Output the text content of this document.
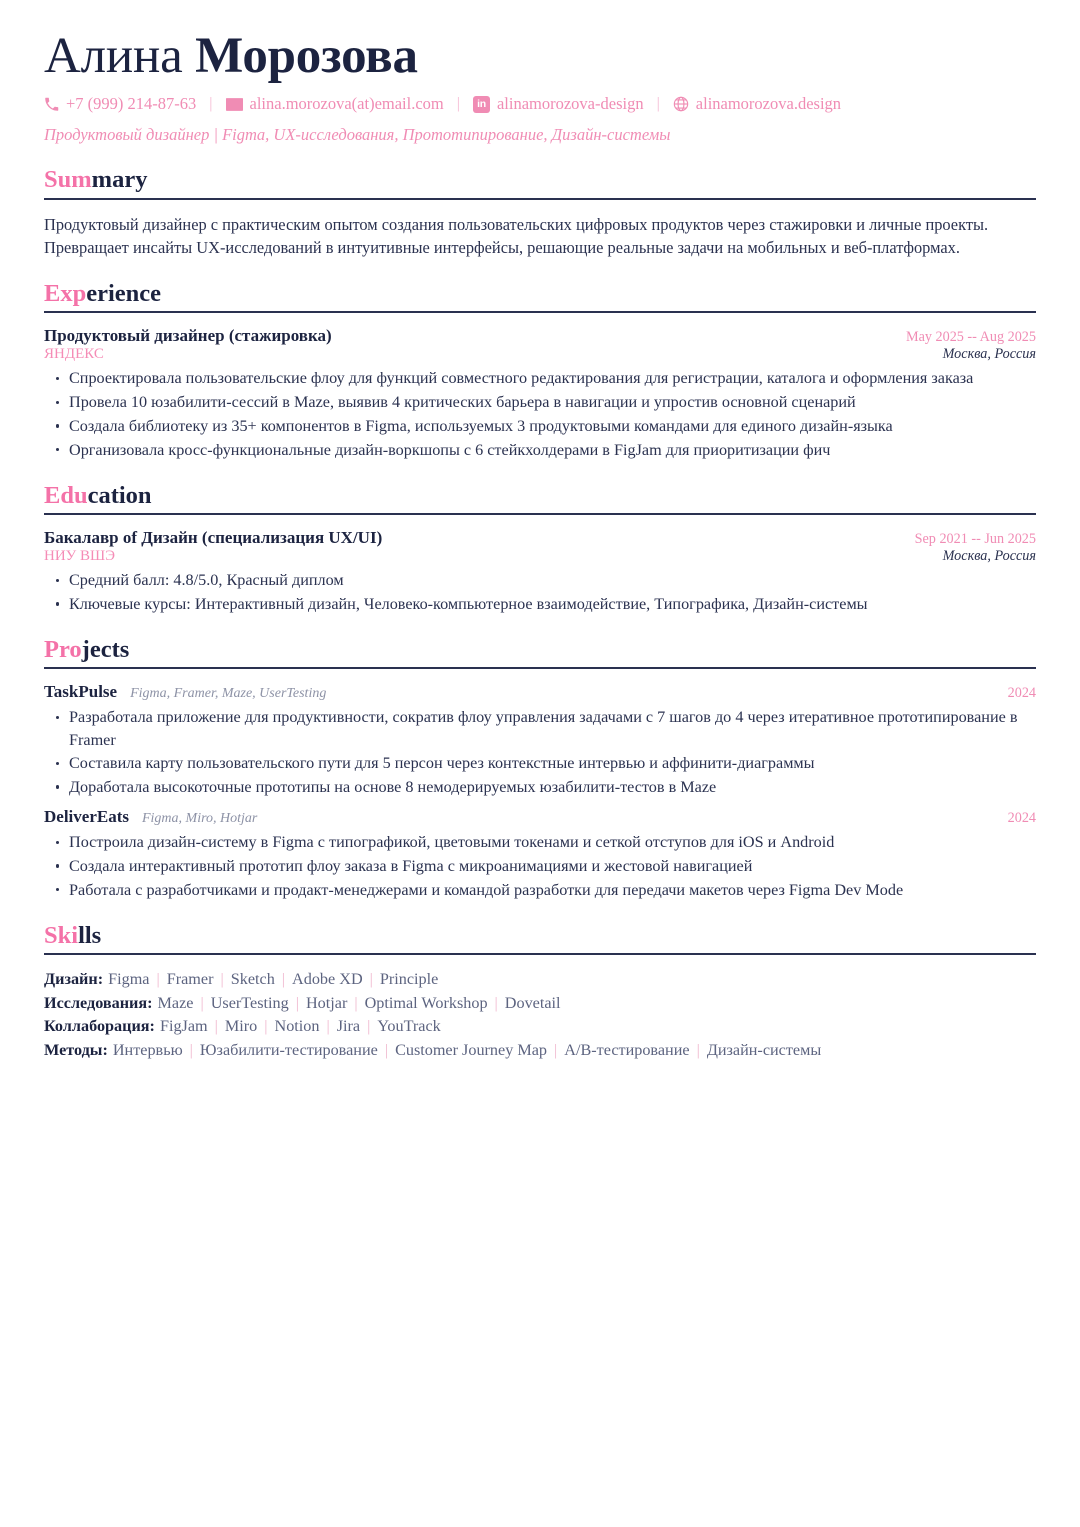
Алина Морозова
+7 (999) 214-87-63 |	alina.morozova(at)email.com |	in alinamorozova-design |	alinamorozova.design
Продуктовый дизайнер | Figma, UX-исследования, Прототипирование, Дизайн-системы
Summary

Продуктовый дизайнер с практическим опытом создания пользовательских цифровых продуктов через стажировки и личные проекты. Превращает инсайты UX-исследований в интуитивные интерфейсы, решающие реальные задачи на мобильных и веб-платформах.

Experience
Продуктовый дизайнер (стажировка)	May 2025 -- Aug 2025
ЯНДЕКС	Москва, Россия
Спроектировала пользовательские флоу для функций совместного редактирования для регистрации, каталога и оформления заказа
Провела 10 юзабилити-сессий в Maze, выявив 4 критических барьера в навигации и упростив основной сценарий
Создала библиотеку из 35+ компонентов в Figma, используемых 3 продуктовыми командами для единого дизайн-языка
Организовала кросс-функциональные дизайн-воркшопы с 6 стейкхолдерами в FigJam для приоритизации фич
Education
Бакалавр of Дизайн (специализация UX/UI)	Sep 2021 -- Jun 2025
НИУ ВШЭ	Москва, Россия
Средний балл: 4.8/5.0, Красный диплом
Ключевые курсы: Интерактивный дизайн, Человеко-компьютерное взаимодействие, Типографика, Дизайн-системы
Projects
TaskPulse Figma, Framer, Maze, UserTesting	2024
Разработала приложение для продуктивности, сократив флоу управления задачами с 7 шагов до 4 через итеративное прототипирование в Framer
Составила карту пользовательского пути для 5 персон через контекстные интервью и аффинити-диаграммы
Доработала высокоточные прототипы на основе 8 немодерируемых юзабилити-тестов в Maze
DeliverEats Figma, Miro, Hotjar	2024
Построила дизайн-систему в Figma с типографикой, цветовыми токенами и сеткой отступов для iOS и Android
Создала интерактивный прототип флоу заказа в Figma с микроанимациями и жестовой навигацией
Работала с разработчиками и продакт-менеджерами и командой разработки для передачи макетов через Figma Dev Mode
Skills
Дизайн: Figma | Framer | Sketch | Adobe XD | Principle
Исследования: Maze | UserTesting | Hotjar | Optimal Workshop | Dovetail
Коллаборация: FigJam | Miro | Notion | Jira | YouTrack
Методы: Интервью | Юзабилити-тестирование | Customer Journey Map | A/B-тестирование | Дизайн-системы
